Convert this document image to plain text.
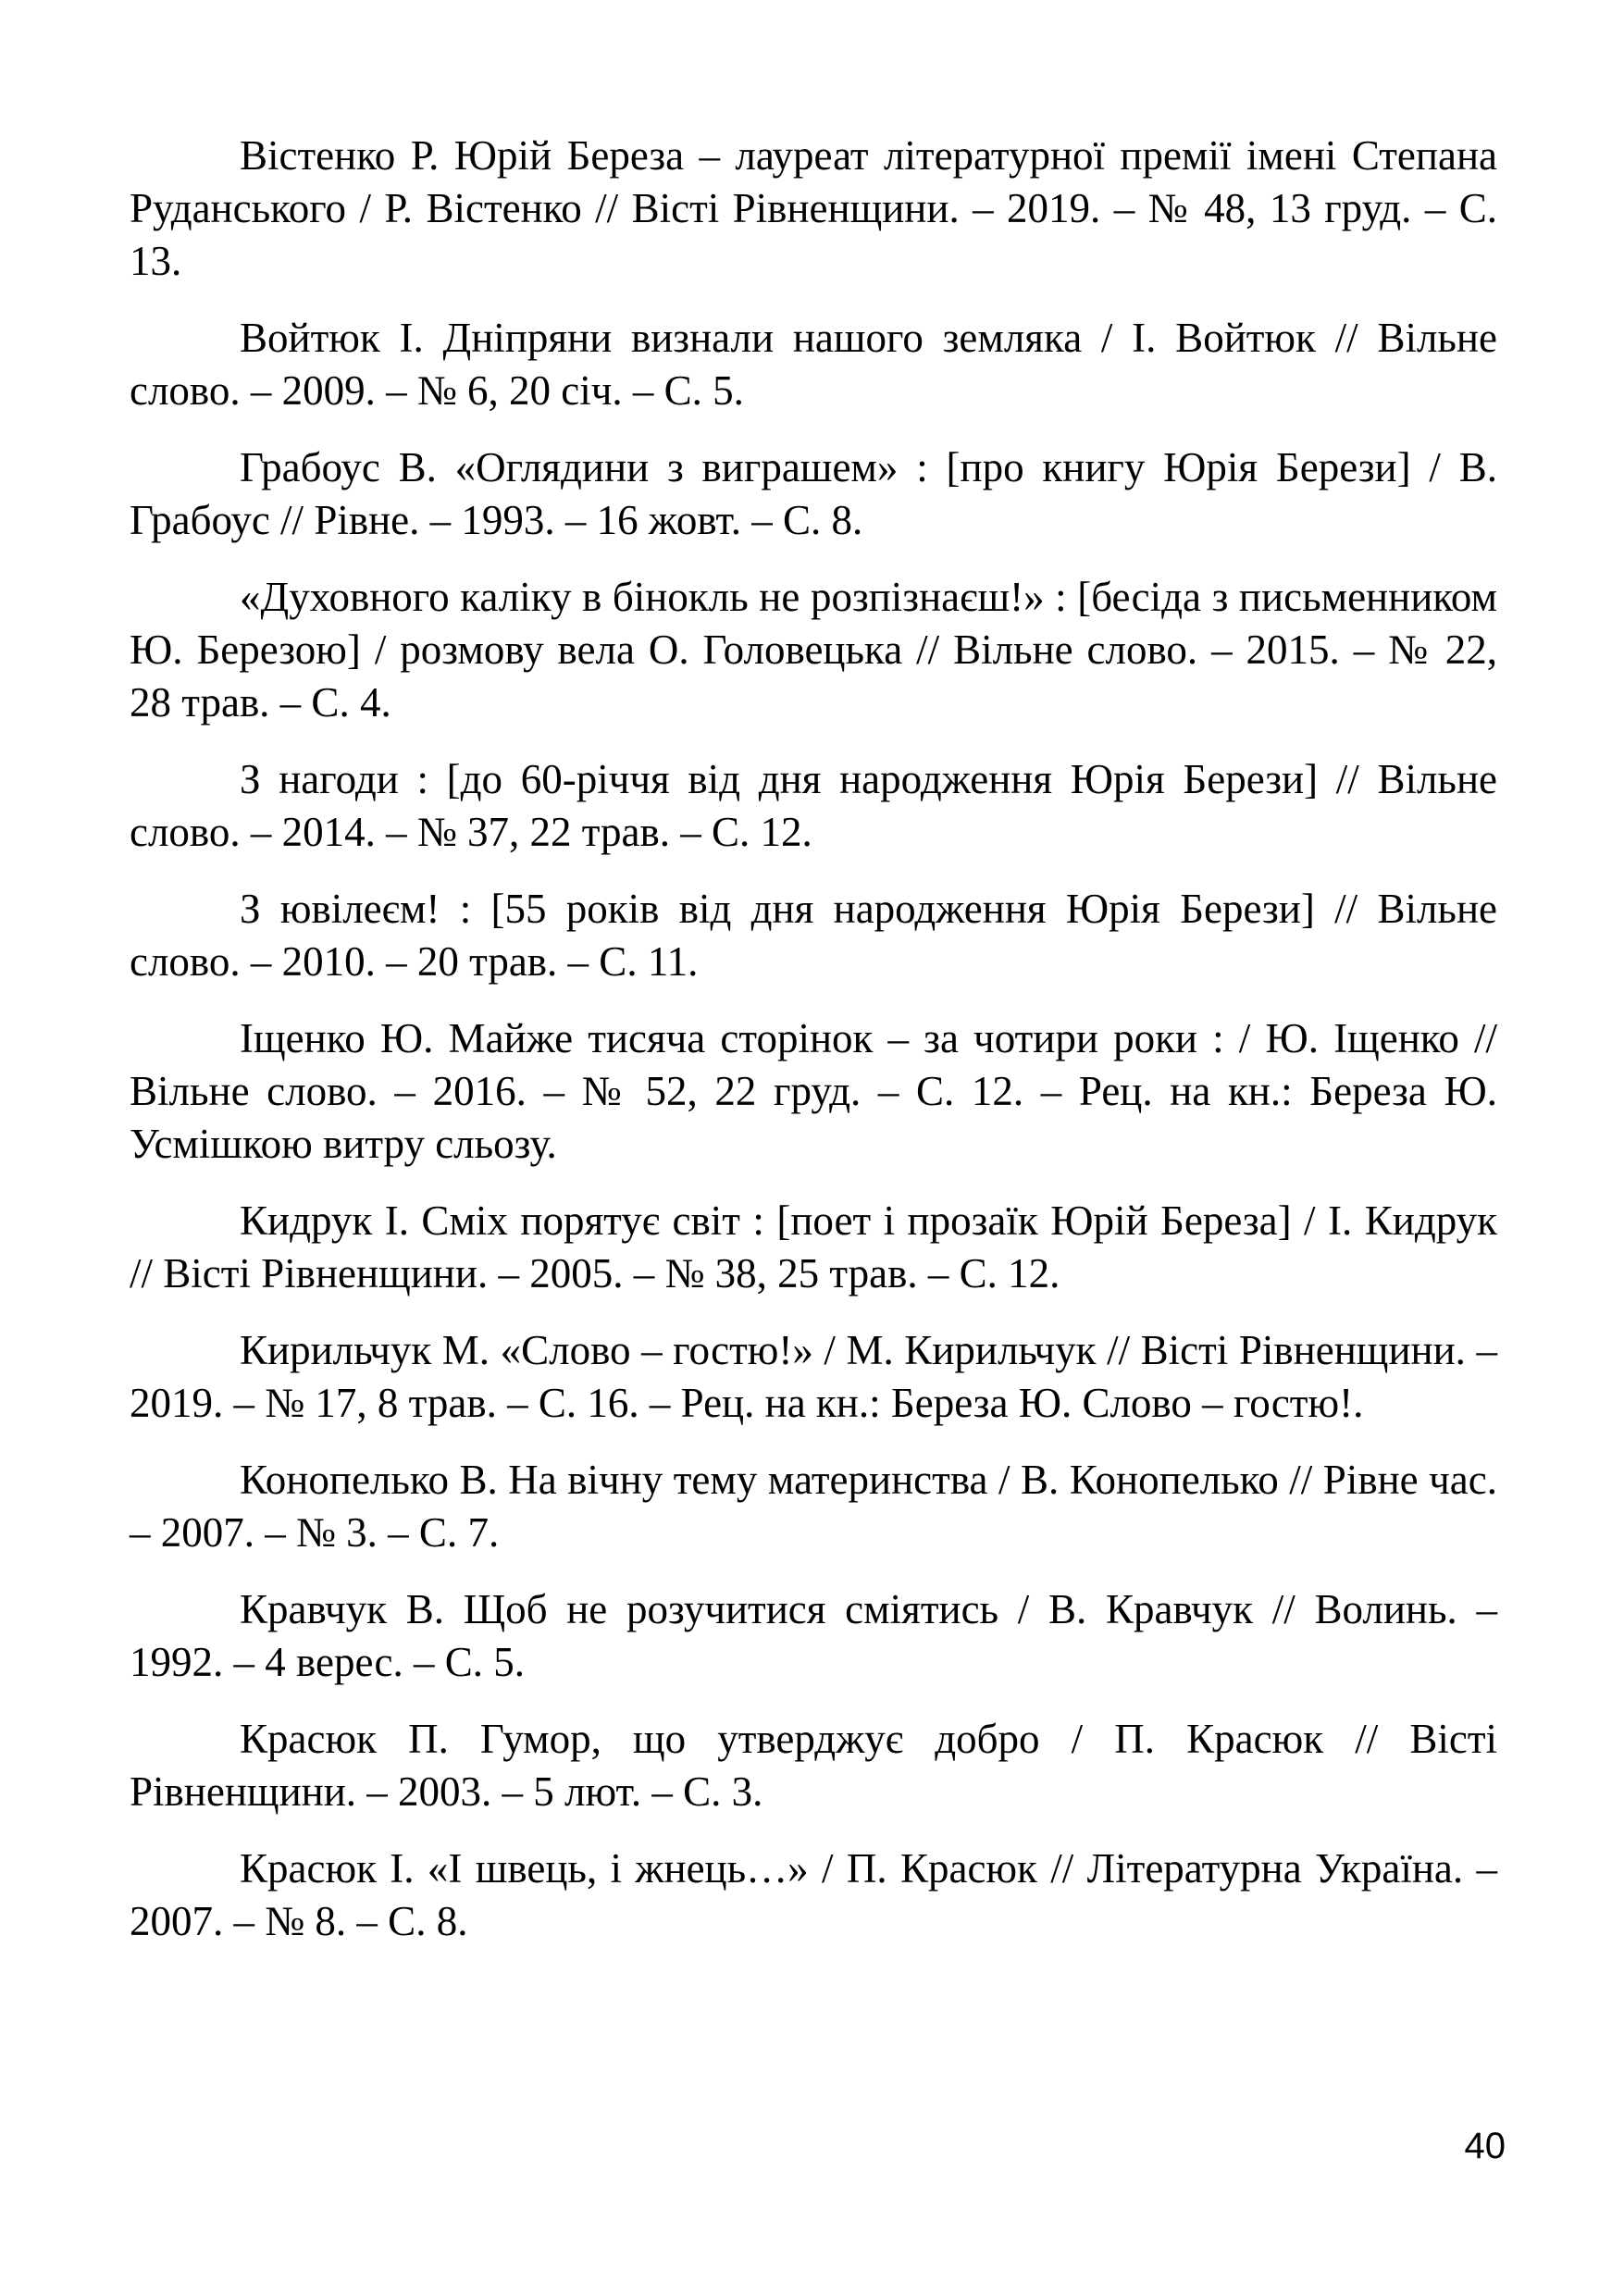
Вістенко Р. Юрій Береза – лауреат літературної премії імені Степана Руданського / Р. Вістенко // Вісті Рівненщини. – 2019. – № 48, 13 груд. – С. 13.

Войтюк І. Дніпряни визнали нашого земляка / І. Войтюк // Вільне слово. – 2009. – № 6, 20 січ. – С. 5.

Грабоус В. «Оглядини з виграшем» : [про книгу Юрія Берези] / В. Грабоус // Рівне. – 1993. – 16 жовт. – С. 8.

«Духовного каліку в бінокль не розпізнаєш!» : [бесіда з письменником Ю. Березою] / розмову вела О. Головецька // Вільне слово. – 2015. – № 22, 28 трав. – С. 4.

З нагоди : [до 60-річчя від дня народження Юрія Берези] // Вільне слово. – 2014. – № 37, 22 трав. – С. 12.

З ювілеєм! : [55 років від дня народження Юрія Берези] // Вільне слово. – 2010. – 20 трав. – С. 11.

Іщенко Ю. Майже тисяча сторінок – за чотири роки : / Ю. Іщенко // Вільне слово. – 2016. – № 52, 22 груд. – С. 12. – Рец. на кн.: Береза Ю. Усмішкою витру сльозу.

Кидрук І. Сміх порятує світ : [поет і прозаїк Юрій Береза] / І. Кидрук // Вісті Рівненщини. – 2005. – № 38, 25 трав. – С. 12.

Кирильчук М. «Слово – гостю!» / М. Кирильчук // Вісті Рівненщини. – 2019. – № 17, 8 трав. – С. 16. – Рец. на кн.: Береза Ю. Слово – гостю!.

Конопелько В. На вічну тему материнства / В. Конопелько // Рівне час. – 2007. – № 3. – С. 7.

Кравчук В. Щоб не розучитися сміятись / В. Кравчук // Волинь. – 1992. – 4 верес. – С. 5.

Красюк П. Гумор, що утверджує добро / П. Красюк // Вісті Рівненщини. – 2003. – 5 лют. – С. 3.

Красюк І. «І швець, і жнець…» / П. Красюк // Літературна Україна. – 2007. – № 8. – С. 8.

40
